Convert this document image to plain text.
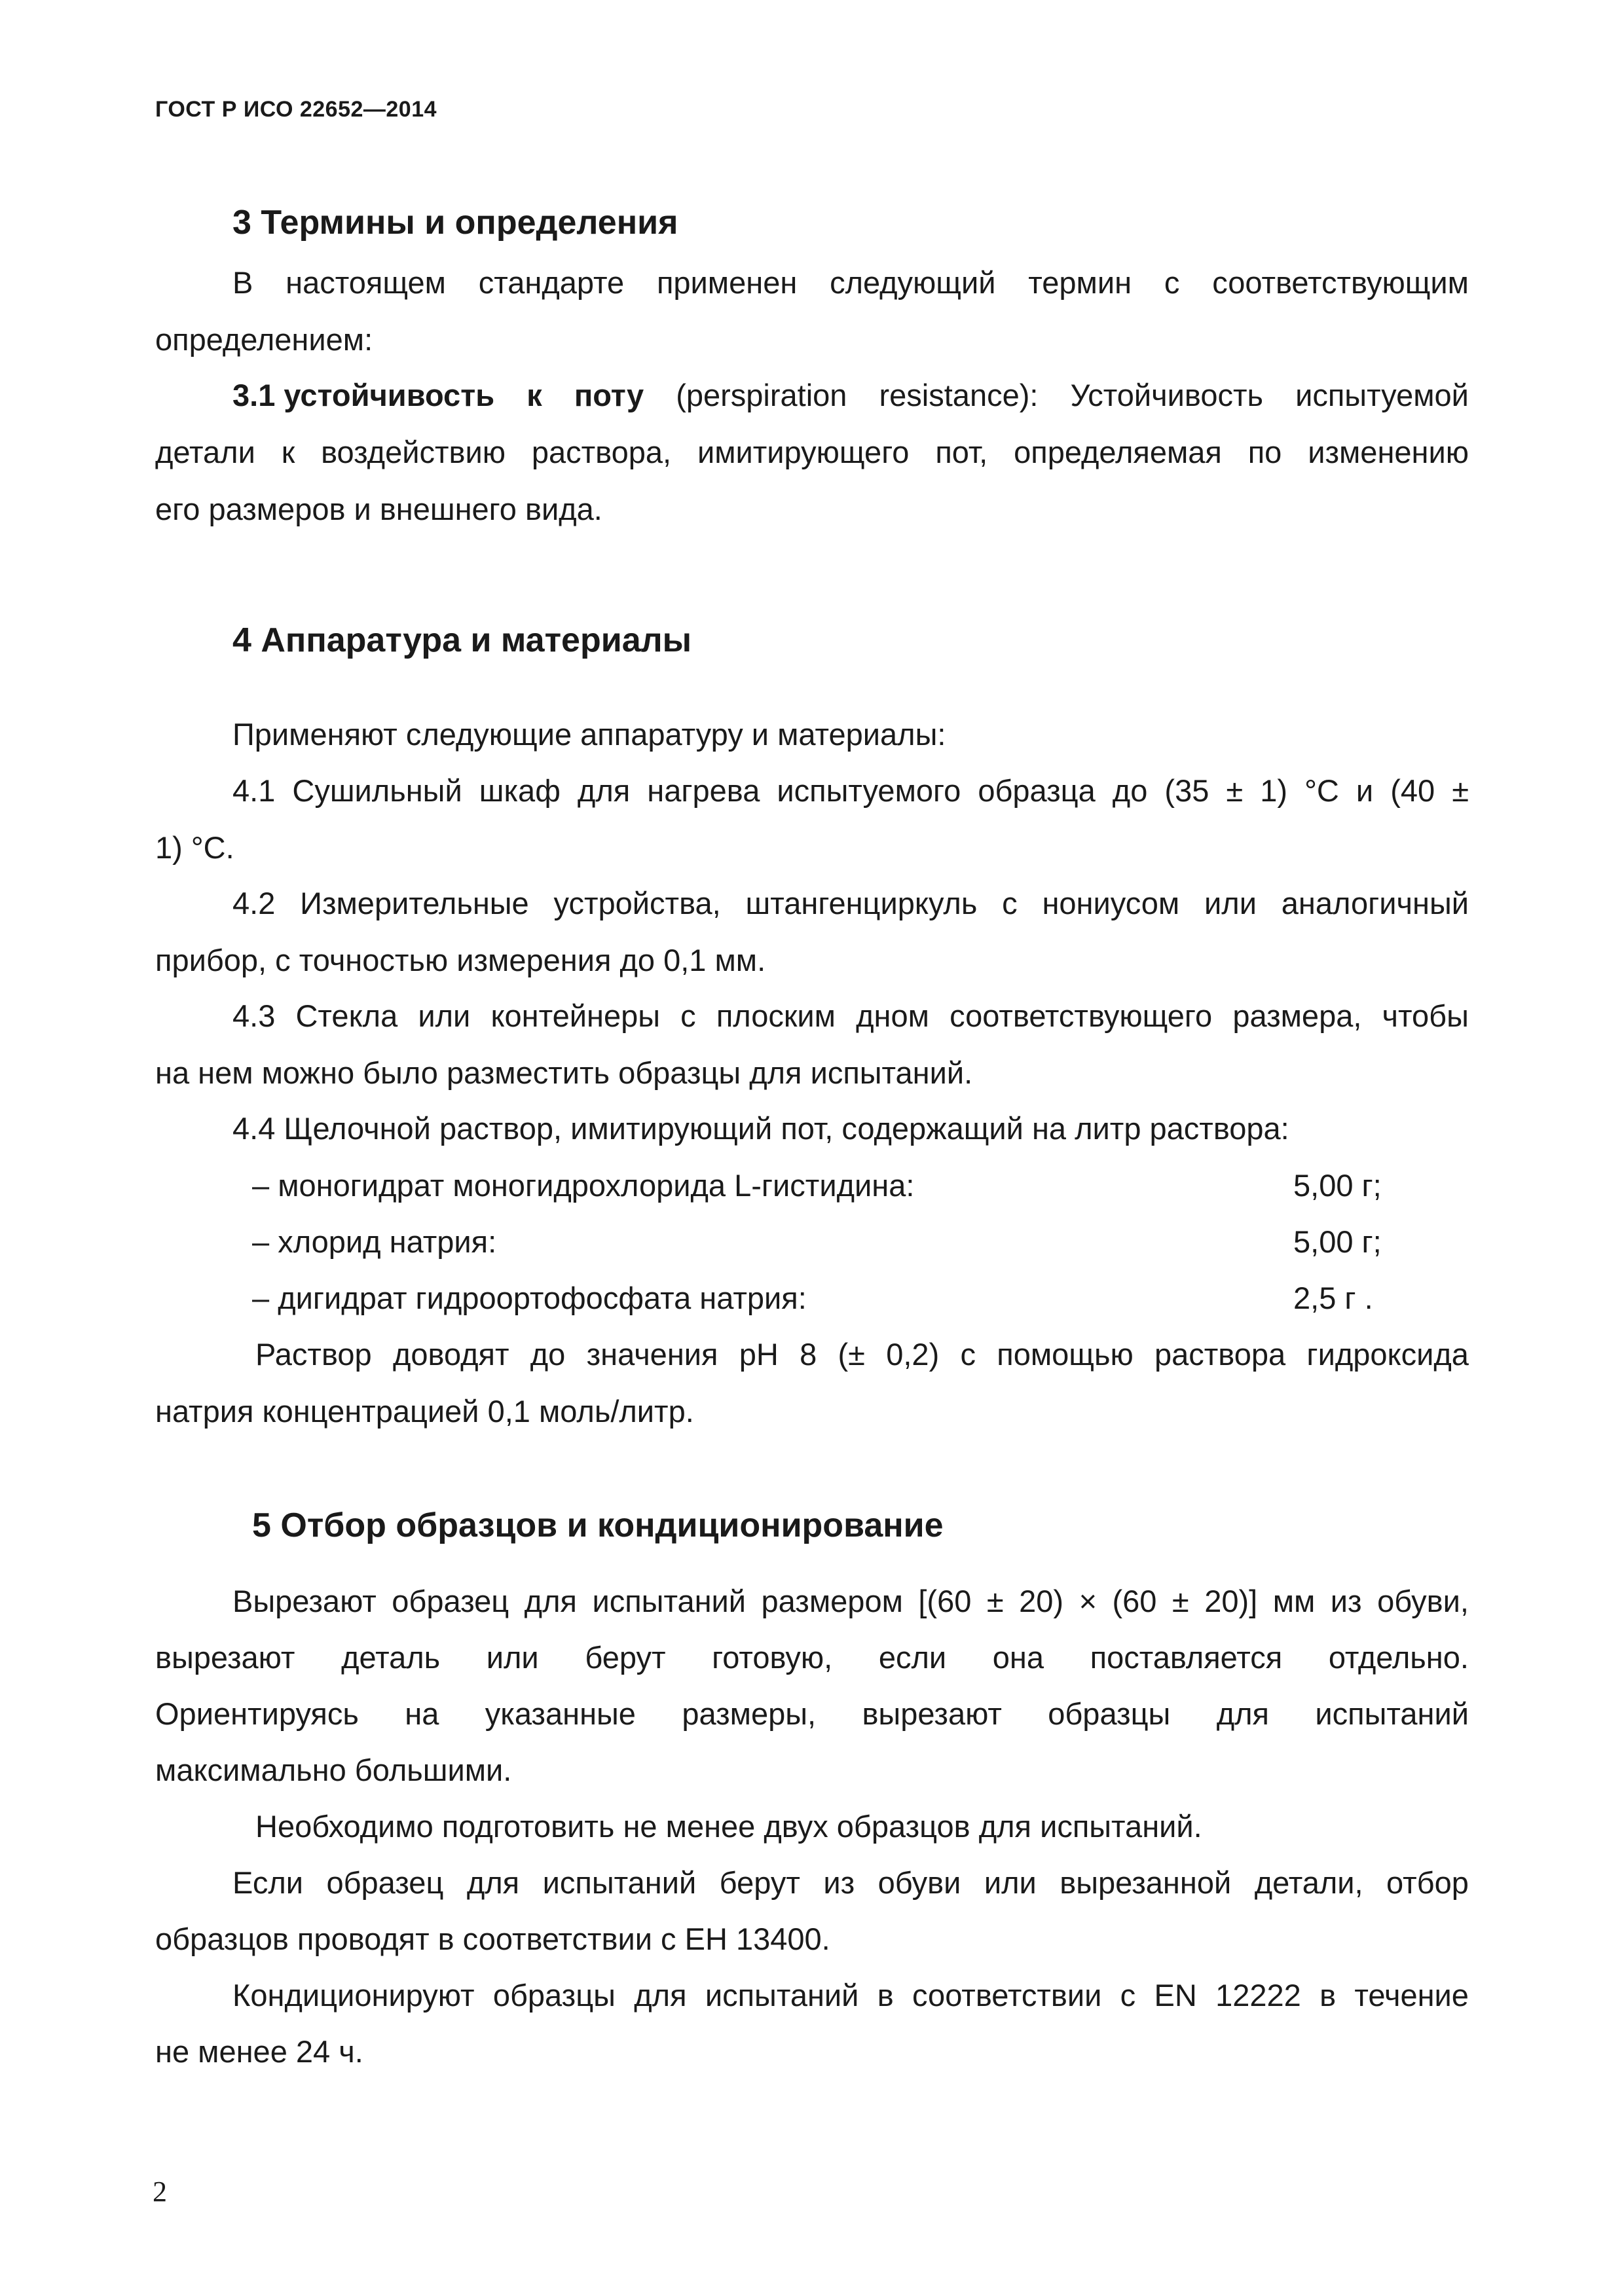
ГОСТ Р ИСО 22652—2014
3 Термины и определения
В настоящем стандарте применен следующий термин с соответствующим
определением:
3.1 устойчивость к поту (perspiration resistance): Устойчивость испытуемой
детали к воздействию раствора, имитирующего пот, определяемая по изменению
его размеров и внешнего вида.
4 Аппаратура и материалы
Применяют следующие аппаратуру и материалы:
4.1 Сушильный шкаф для нагрева испытуемого образца до (35 ± 1) °С и (40 ±
1) °С.
4.2 Измерительные устройства, штангенциркуль с нониусом или аналогичный
прибор, с точностью измерения до 0,1 мм.
4.3 Стекла или контейнеры с плоским дном соответствующего размера, чтобы
на нем можно было разместить образцы для испытаний.
4.4 Щелочной раствор, имитирующий пот, содержащий на литр раствора:
– моногидрат моногидрохлорида L-гистидина:	5,00 г;
– хлорид натрия:	5,00 г;
– дигидрат гидроортофосфата натрия:	2,5 г .
Раствор доводят до значения рН 8 (± 0,2) с помощью раствора гидроксида
натрия концентрацией 0,1 моль/литр.
5 Отбор образцов и кондиционирование
Вырезают образец для испытаний размером [(60 ± 20) × (60 ± 20)] мм из обуви,
вырезают деталь или берут готовую, если она поставляется отдельно.
Ориентируясь на указанные размеры, вырезают образцы для испытаний
максимально большими.
Необходимо подготовить не менее двух образцов для испытаний.
Если образец для испытаний берут из обуви или вырезанной детали, отбор
образцов проводят в соответствии с ЕН 13400.
Кондиционируют образцы для испытаний в соответствии с EN 12222 в течение
не менее 24 ч.
2
